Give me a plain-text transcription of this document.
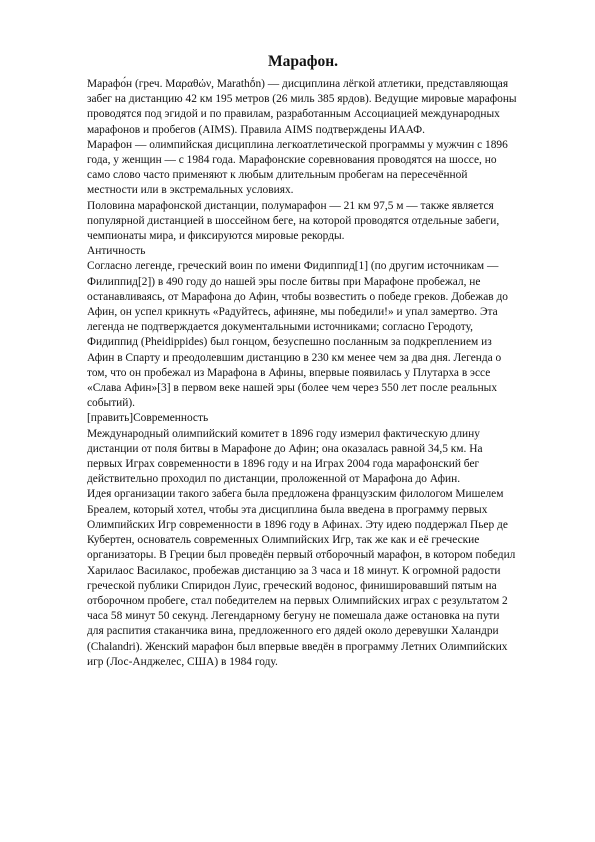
Марафон.

Марафо́н (греч. Μαραθών, Marathṓn) — дисциплина лёгкой атлетики, представляющая забег на дистанцию 42 км 195 метров (26 миль 385 ярдов). Ведущие мировые марафоны проводятся под эгидой и по правилам, разработанным Ассоциацией международных марафонов и пробегов (AIMS). Правила AIMS подтверждены ИААФ.

Марафон — олимпийская дисциплина легкоатлетической программы у мужчин с 1896 года, у женщин — с 1984 года. Марафонские соревнования проводятся на шоссе, но само слово часто применяют к любым длительным пробегам на пересечённой местности или в экстремальных условиях.

Половина марафонской дистанции, полумарафон — 21 км 97,5 м — также является популярной дистанцией в шоссейном беге, на которой проводятся отдельные забеги, чемпионаты мира, и фиксируются мировые рекорды.

Античность

Согласно легенде, греческий воин по имени Фидиппид[1] (по другим источникам — Филиппид[2]) в 490 году до нашей эры после битвы при Марафоне пробежал, не останавливаясь, от Марафона до Афин, чтобы возвестить о победе греков. Добежав до Афин, он успел крикнуть «Радуйтесь, афиняне, мы победили!» и упал замертво. Эта легенда не подтверждается документальными источниками; согласно Геродоту, Фидиппид (Pheidippides) был гонцом, безуспешно посланным за подкреплением из Афин в Спарту и преодолевшим дистанцию в 230 км менее чем за два дня. Легенда о том, что он пробежал из Марафона в Афины, впервые появилась у Плутарха в эссе «Слава Афин»[3] в первом веке нашей эры (более чем через 550 лет после реальных событий).

[править]Современность

Международный олимпийский комитет в 1896 году измерил фактическую длину дистанции от поля битвы в Марафоне до Афин; она оказалась равной 34,5 км. На первых Играх современности в 1896 году и на Играх 2004 года марафонский бег действительно проходил по дистанции, проложенной от Марафона до Афин.

Идея организации такого забега была предложена французским филологом Мишелем Бреалем, который хотел, чтобы эта дисциплина была введена в программу первых Олимпийских Игр современности в 1896 году в Афинах. Эту идею поддержал Пьер де Кубертен, основатель современных Олимпийских Игр, так же как и её греческие организаторы. В Греции был проведён первый отборочный марафон, в котором победил Харилаос Василакос, пробежав дистанцию за 3 часа и 18 минут. К огромной радости греческой публики Спиридон Луис, греческий водонос, финишировавший пятым на отборочном пробеге, стал победителем на первых Олимпийских играх с результатом 2 часа 58 минут 50 секунд. Легендарному бегуну не помешала даже остановка на пути для распития стаканчика вина, предложенного его дядей около деревушки Халандри (Chalandri). Женский марафон был впервые введён в программу Летних Олимпийских игр (Лос-Анджелес, США) в 1984 году.
